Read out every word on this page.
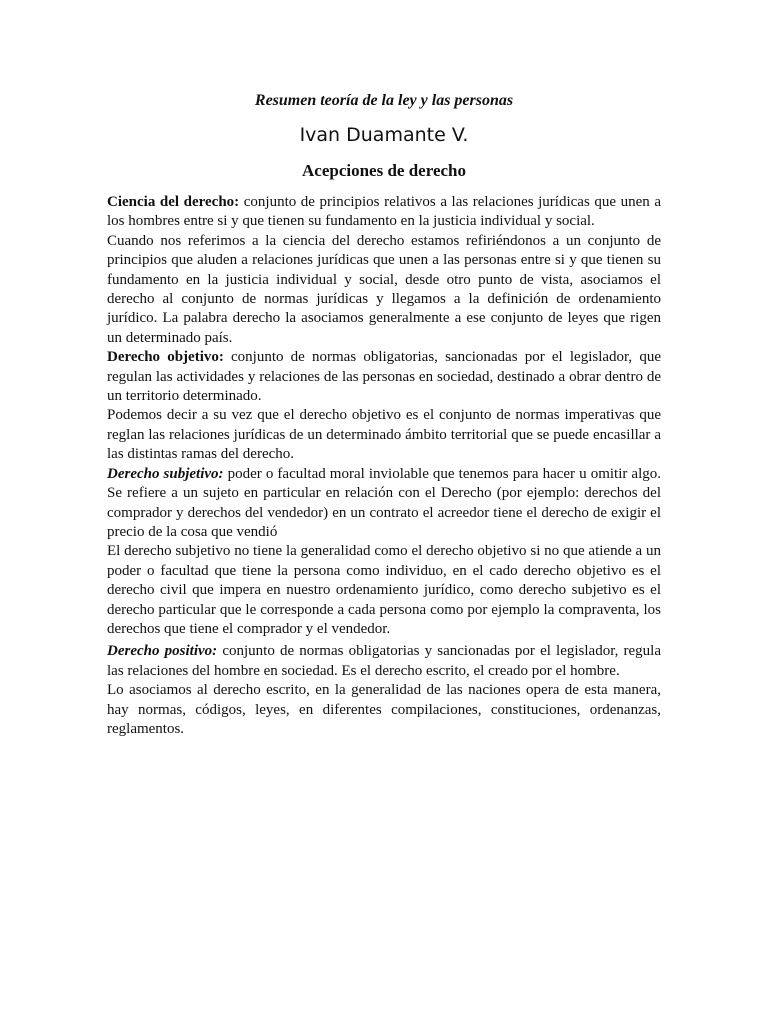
Resumen teoría de la ley y las personas
Ivan Duamante V.
Acepciones de derecho

Ciencia del derecho: conjunto de principios relativos a las relaciones jurídicas que unen a los hombres entre si y que tienen su fundamento en la justicia individual y social.

Cuando nos referimos a la ciencia del derecho estamos refiriéndonos a un conjunto de principios que aluden a relaciones jurídicas que unen a las personas entre si y que tienen su fundamento en la justicia individual y social, desde otro punto de vista, asociamos el derecho al conjunto de normas jurídicas y llegamos a la definición de ordenamiento jurídico. La palabra derecho la asociamos generalmente a ese conjunto de leyes que rigen un determinado país.

Derecho objetivo: conjunto de normas obligatorias, sancionadas por el legislador, que regulan las actividades y relaciones de las personas en sociedad, destinado a obrar dentro de un territorio determinado.

Podemos decir a su vez que el derecho objetivo es el conjunto de normas imperativas que reglan las relaciones jurídicas de un determinado ámbito territorial que se puede encasillar a las distintas ramas del derecho.

Derecho subjetivo: poder o facultad moral inviolable que tenemos para hacer u omitir algo. Se refiere a un sujeto en particular en relación con el Derecho (por ejemplo: derechos del comprador y derechos del vendedor) en un contrato el acreedor tiene el derecho de exigir el precio de la cosa que vendió

El derecho subjetivo no tiene la generalidad como el derecho objetivo si no que atiende a un poder o facultad que tiene la persona como individuo, en el cado derecho objetivo es el derecho civil que impera en nuestro ordenamiento jurídico, como derecho subjetivo es el derecho particular que le corresponde a cada persona como por ejemplo la compraventa, los derechos que tiene el comprador y el vendedor.

Derecho positivo: conjunto de normas obligatorias y sancionadas por el legislador, regula las relaciones del hombre en sociedad. Es el derecho escrito, el creado por el hombre.

Lo asociamos al derecho escrito, en la generalidad de las naciones opera de esta manera, hay normas, códigos, leyes, en diferentes compilaciones, constituciones, ordenanzas, reglamentos.
